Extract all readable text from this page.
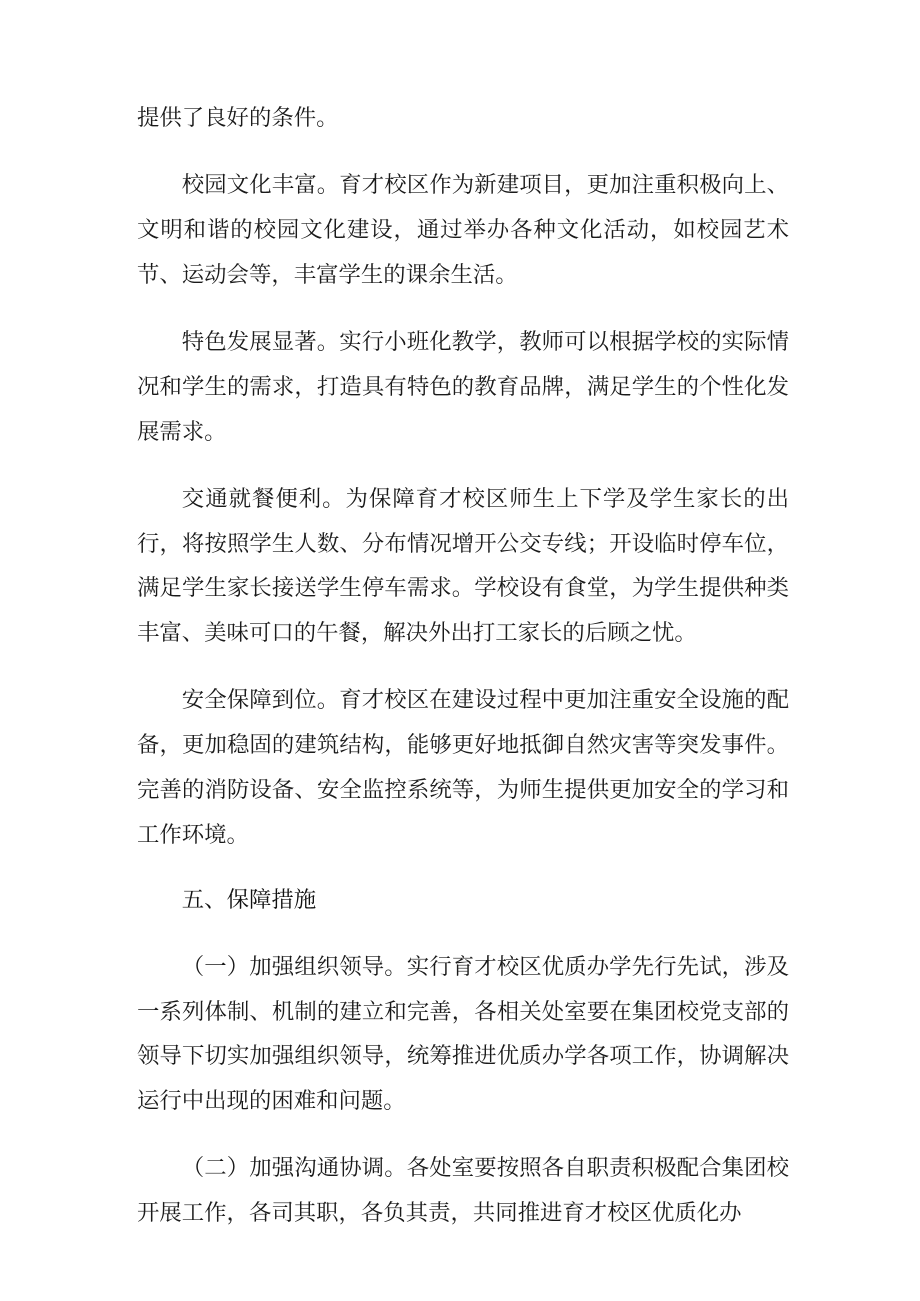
提供了良好的条件。

校园文化丰富。育才校区作为新建项目，更加注重积极向上、文明和谐的校园文化建设，通过举办各种文化活动，如校园艺术节、运动会等，丰富学生的课余生活。

特色发展显著。实行小班化教学，教师可以根据学校的实际情况和学生的需求，打造具有特色的教育品牌，满足学生的个性化发展需求。

交通就餐便利。为保障育才校区师生上下学及学生家长的出行，将按照学生人数、分布情况增开公交专线；开设临时停车位，满足学生家长接送学生停车需求。学校设有食堂，为学生提供种类丰富、美味可口的午餐，解决外出打工家长的后顾之忧。

安全保障到位。育才校区在建设过程中更加注重安全设施的配备，更加稳固的建筑结构，能够更好地抵御自然灾害等突发事件。完善的消防设备、安全监控系统等，为师生提供更加安全的学习和工作环境。

五、保障措施

（一）加强组织领导。实行育才校区优质办学先行先试，涉及一系列体制、机制的建立和完善，各相关处室要在集团校党支部的领导下切实加强组织领导，统筹推进优质办学各项工作，协调解决运行中出现的困难和问题。

（二）加强沟通协调。各处室要按照各自职责积极配合集团校开展工作，各司其职，各负其责，共同推进育才校区优质化办
